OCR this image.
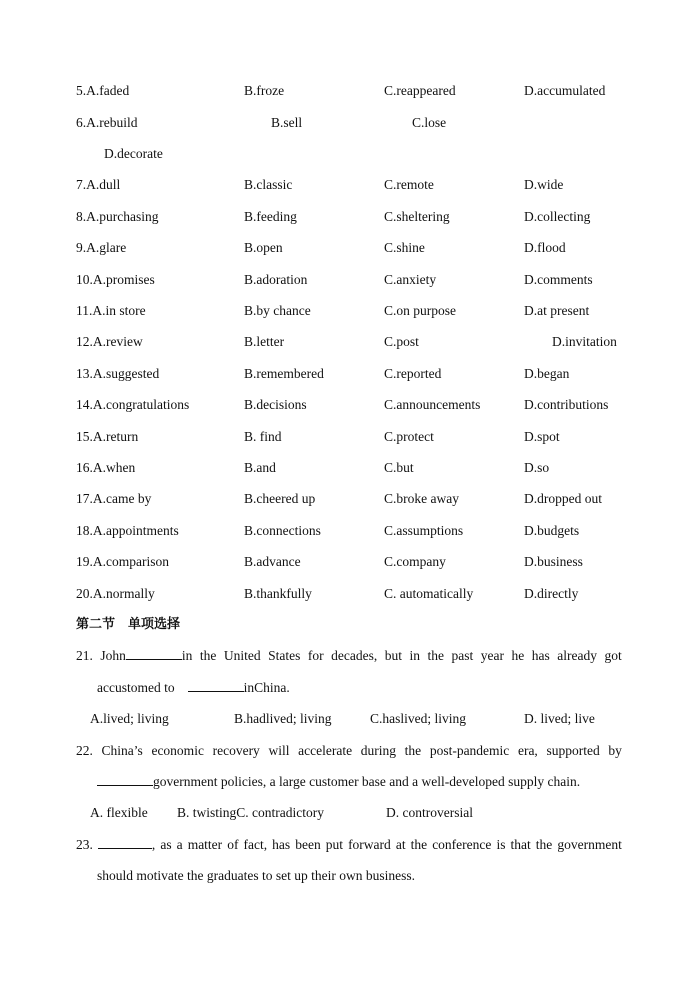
5.A.faded	B.froze	C.reappeared	D.accumulated
6.A.rebuild	B.sell	C.lose
D.decorate
7.A.dull	B.classic	C.remote	D.wide
8.A.purchasing	B.feeding	C.sheltering	D.collecting
9.A.glare	B.open	C.shine	D.flood
10.A.promises	B.adoration	C.anxiety	D.comments
11.A.in store	B.by chance	C.on purpose	D.at present
12.A.review	B.letter	C.post	D.invitation
13.A.suggested	B.remembered	C.reported	D.began
14.A.congratulations	B.decisions	C.announcements	D.contributions
15.A.return	B. find	C.protect	D.spot
16.A.when	B.and	C.but	D.so
17.A.came by	B.cheered up	C.broke away	D.dropped out
18.A.appointments	B.connections	C.assumptions	D.budgets
19.A.comparison	B.advance	C.company	D.business
20.A.normally	B.thankfully	C. automatically	D.directly
第二节　单项选择
21. John	in the United States for decades, but in the past year he has already got
accustomed to	inChina.
A.lived; living	B.hadlived; living	C.haslived; living	D. lived; live
22. China’s economic recovery will accelerate during the post-pandemic era, supported by
government policies, a large customer base and a well-developed supply chain.
A. flexible B. twistingC. contradictory	D. controversial
23.	, as a matter of fact, has been put forward at the conference is that the government
should motivate the graduates to set up their own business.
